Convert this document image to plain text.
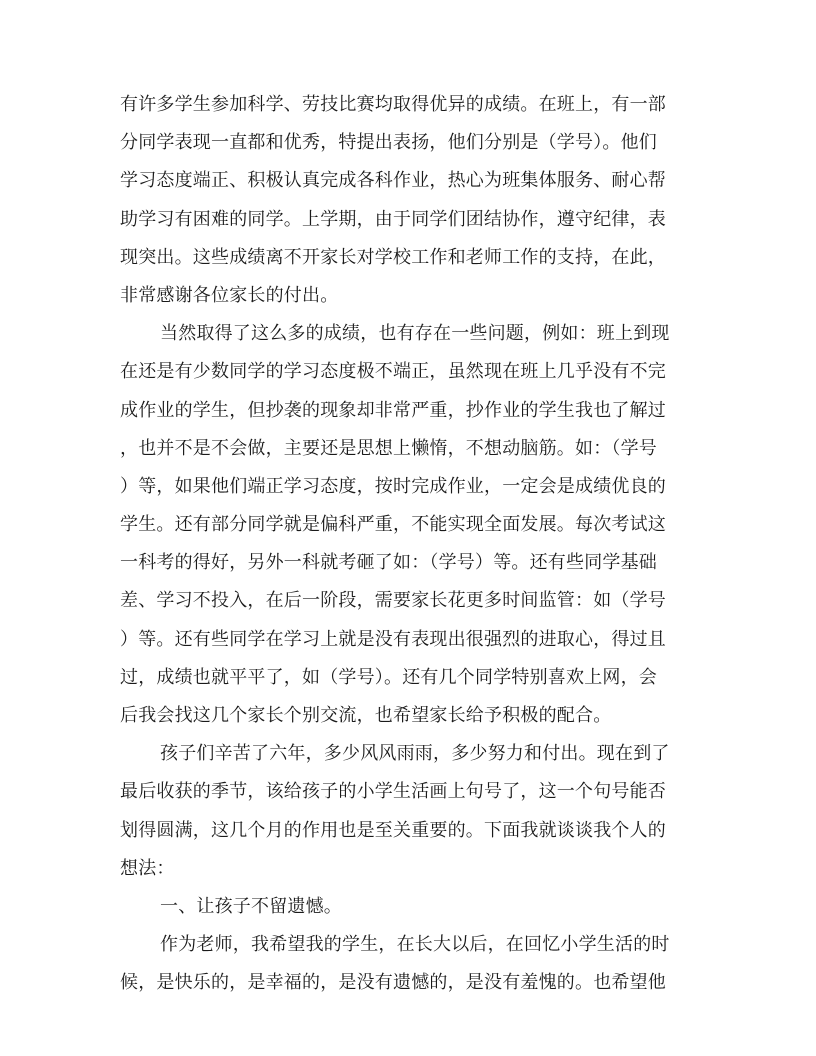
有许多学生参加科学、劳技比赛均取得优异的成绩。在班上，有一部
分同学表现一直都和优秀，特提出表扬，他们分别是（学号）。他们
学习态度端正、积极认真完成各科作业，热心为班集体服务、耐心帮
助学习有困难的同学。上学期，由于同学们团结协作，遵守纪律，表
现突出。这些成绩离不开家长对学校工作和老师工作的支持，在此，
非常感谢各位家长的付出。
当然取得了这么多的成绩，也有存在一些问题，例如：班上到现
在还是有少数同学的学习态度极不端正，虽然现在班上几乎没有不完
成作业的学生，但抄袭的现象却非常严重，抄作业的学生我也了解过
，也并不是不会做，主要还是思想上懒惰，不想动脑筋。如：（学号
）等，如果他们端正学习态度，按时完成作业，一定会是成绩优良的
学生。还有部分同学就是偏科严重，不能实现全面发展。每次考试这
一科考的得好，另外一科就考砸了如：（学号）等。还有些同学基础
差、学习不投入，在后一阶段，需要家长花更多时间监管：如（学号
）等。还有些同学在学习上就是没有表现出很强烈的进取心，得过且
过，成绩也就平平了，如（学号）。还有几个同学特别喜欢上网，会
后我会找这几个家长个别交流，也希望家长给予积极的配合。
孩子们辛苦了六年，多少风风雨雨，多少努力和付出。现在到了
最后收获的季节，该给孩子的小学生活画上句号了，这一个句号能否
划得圆满，这几个月的作用也是至关重要的。下面我就谈谈我个人的
想法：
一、让孩子不留遗憾。
作为老师，我希望我的学生，在长大以后，在回忆小学生活的时
候，是快乐的，是幸福的，是没有遗憾的，是没有羞愧的。也希望他
